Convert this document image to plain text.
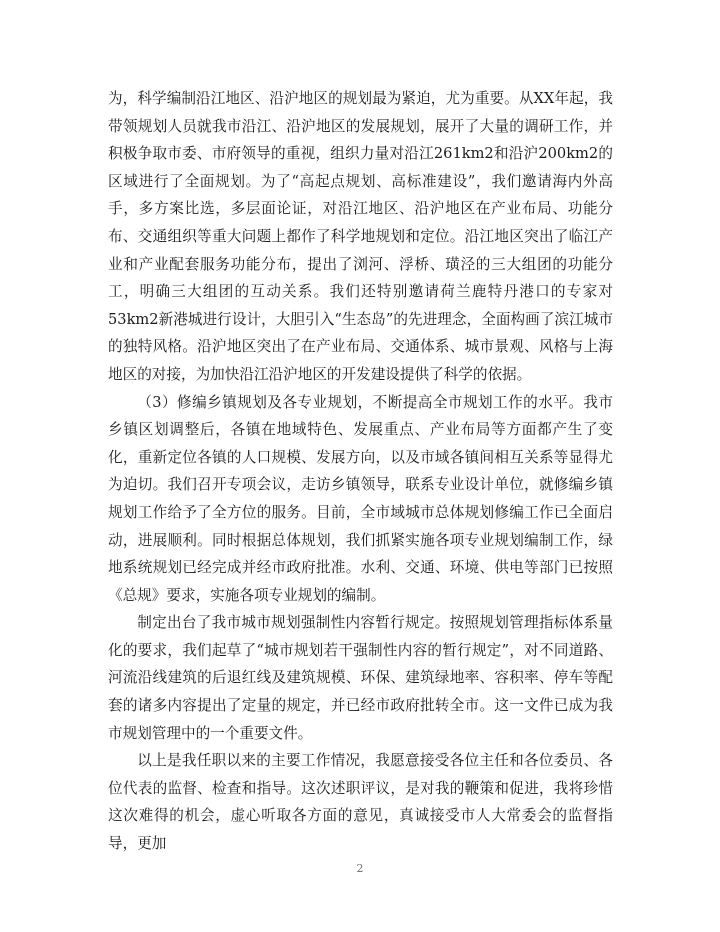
为，科学编制沿江地区、沿沪地区的规划最为紧迫，尤为重要。从XX年起，我带领规划人员就我市沿江、沿沪地区的发展规划，展开了大量的调研工作，并积极争取市委、市府领导的重视，组织力量对沿江261km2和沿沪200km2的区域进行了全面规划。为了“高起点规划、高标准建设”，我们邀请海内外高手，多方案比选，多层面论证，对沿江地区、沿沪地区在产业布局、功能分布、交通组织等重大问题上都作了科学地规划和定位。沿江地区突出了临江产业和产业配套服务功能分布，提出了浏河、浮桥、璜泾的三大组团的功能分工，明确三大组团的互动关系。我们还特别邀请荷兰鹿特丹港口的专家对53km2新港城进行设计，大胆引入“生态岛”的先进理念，全面构画了滨江城市的独特风格。沿沪地区突出了在产业布局、交通体系、城市景观、风格与上海地区的对接，为加快沿江沿沪地区的开发建设提供了科学的依据。

（3）修编乡镇规划及各专业规划，不断提高全市规划工作的水平。我市乡镇区划调整后，各镇在地域特色、发展重点、产业布局等方面都产生了变化，重新定位各镇的人口规模、发展方向，以及市域各镇间相互关系等显得尤为迫切。我们召开专项会议，走访乡镇领导，联系专业设计单位，就修编乡镇规划工作给予了全方位的服务。目前，全市域城市总体规划修编工作已全面启动，进展顺利。同时根据总体规划，我们抓紧实施各项专业规划编制工作，绿地系统规划已经完成并经市政府批准。水利、交通、环境、供电等部门已按照《总规》要求，实施各项专业规划的编制。

制定出台了我市城市规划强制性内容暂行规定。按照规划管理指标体系量化的要求，我们起草了“城市规划若干强制性内容的暂行规定”，对不同道路、河流沿线建筑的后退红线及建筑规模、环保、建筑绿地率、容积率、停车等配套的诸多内容提出了定量的规定，并已经市政府批转全市。这一文件已成为我市规划管理中的一个重要文件。

以上是我任职以来的主要工作情况，我愿意接受各位主任和各位委员、各位代表的监督、检查和指导。这次述职评议，是对我的鞭策和促进，我将珍惜这次难得的机会，虚心听取各方面的意见，真诚接受市人大常委会的监督指导，更加

2
